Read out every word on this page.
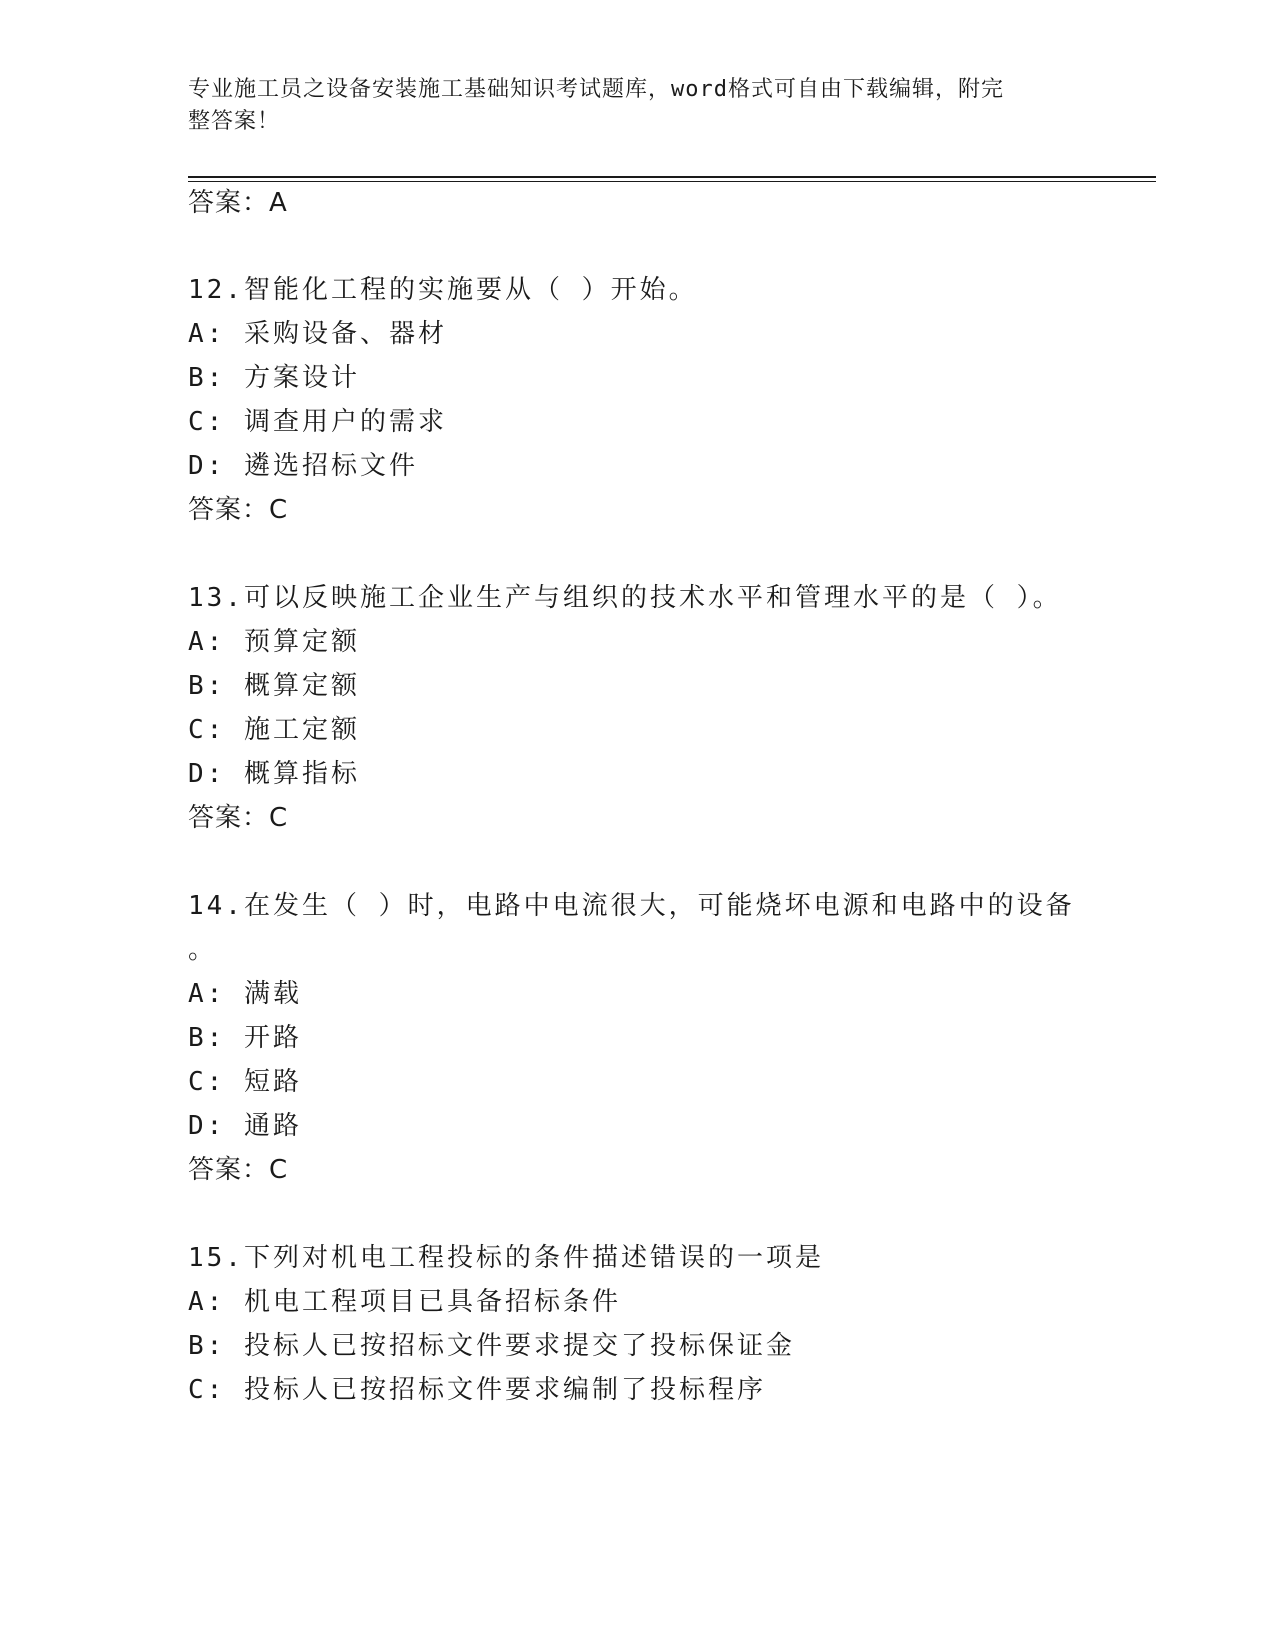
专业施工员之设备安装施工基础知识考试题库，word格式可自由下载编辑，附完
整答案！
答案：A
12.智能化工程的实施要从（ ）开始。
A: 采购设备、器材
B: 方案设计
C: 调查用户的需求
D: 遴选招标文件
答案：C
13.可以反映施工企业生产与组织的技术水平和管理水平的是（ ）。
A: 预算定额
B: 概算定额
C: 施工定额
D: 概算指标
答案：C
14.在发生（ ）时，电路中电流很大，可能烧坏电源和电路中的设备
。
A: 满载
B: 开路
C: 短路
D: 通路
答案：C
15.下列对机电工程投标的条件描述错误的一项是
A: 机电工程项目已具备招标条件
B: 投标人已按招标文件要求提交了投标保证金
C: 投标人已按招标文件要求编制了投标程序
